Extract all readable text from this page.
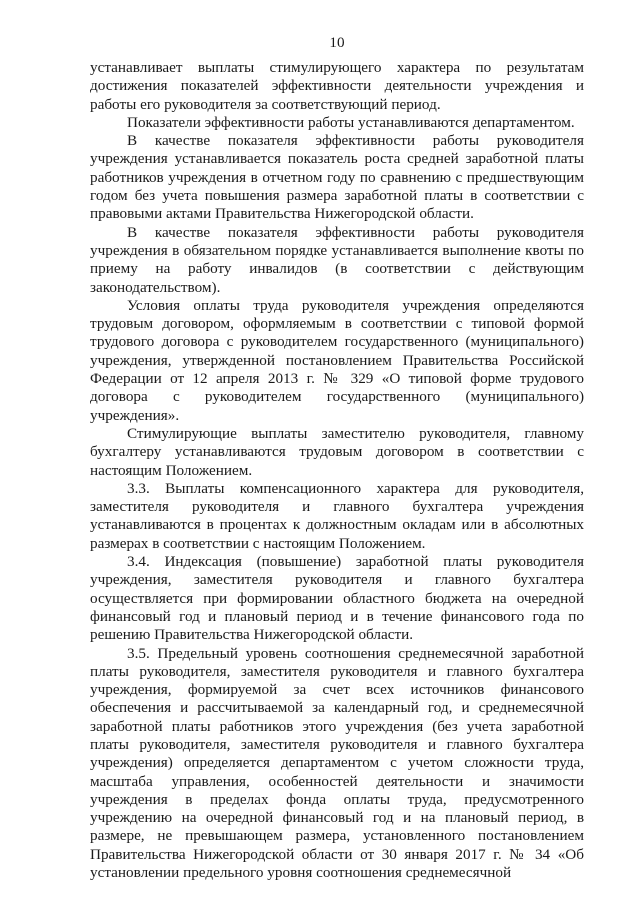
10

устанавливает выплаты стимулирующего характера по результатам достижения показателей эффективности деятельности учреждения и работы его руководителя за соответствующий период.

Показатели эффективности работы устанавливаются департаментом.

В качестве показателя эффективности работы руководителя учреждения устанавливается показатель роста средней заработной платы работников учреждения в отчетном году по сравнению с предшествующим годом без учета повышения размера заработной платы в соответствии с правовыми актами Правительства Нижегородской области.

В качестве показателя эффективности работы руководителя учреждения в обязательном порядке устанавливается выполнение квоты по приему на работу инвалидов (в соответствии с действующим законодательством).

Условия оплаты труда руководителя учреждения определяются трудовым договором, оформляемым в соответствии с типовой формой трудового договора с руководителем государственного (муниципального) учреждения, утвержденной постановлением Правительства Российской Федерации от 12 апреля 2013 г. № 329 «О типовой форме трудового договора с руководителем государственного (муниципального) учреждения».

Стимулирующие выплаты заместителю руководителя, главному бухгалтеру устанавливаются трудовым договором в соответствии с настоящим Положением.

3.3. Выплаты компенсационного характера для руководителя, заместителя руководителя и главного бухгалтера учреждения устанавливаются в процентах к должностным окладам или в абсолютных размерах в соответствии с настоящим Положением.

3.4. Индексация (повышение) заработной платы руководителя учреждения, заместителя руководителя и главного бухгалтера осуществляется при формировании областного бюджета на очередной финансовый год и плановый период и в течение финансового года по решению Правительства Нижегородской области.

3.5. Предельный уровень соотношения среднемесячной заработной платы руководителя, заместителя руководителя и главного бухгалтера учреждения, формируемой за счет всех источников финансового обеспечения и рассчитываемой за календарный год, и среднемесячной заработной платы работников этого учреждения (без учета заработной платы руководителя, заместителя руководителя и главного бухгалтера учреждения) определяется департаментом с учетом сложности труда, масштаба управления, особенностей деятельности и значимости учреждения в пределах фонда оплаты труда, предусмотренного учреждению на очередной финансовый год и на плановый период, в размере, не превышающем размера, установленного постановлением Правительства Нижегородской области от 30 января 2017 г. № 34 «Об установлении предельного уровня соотношения среднемесячной
